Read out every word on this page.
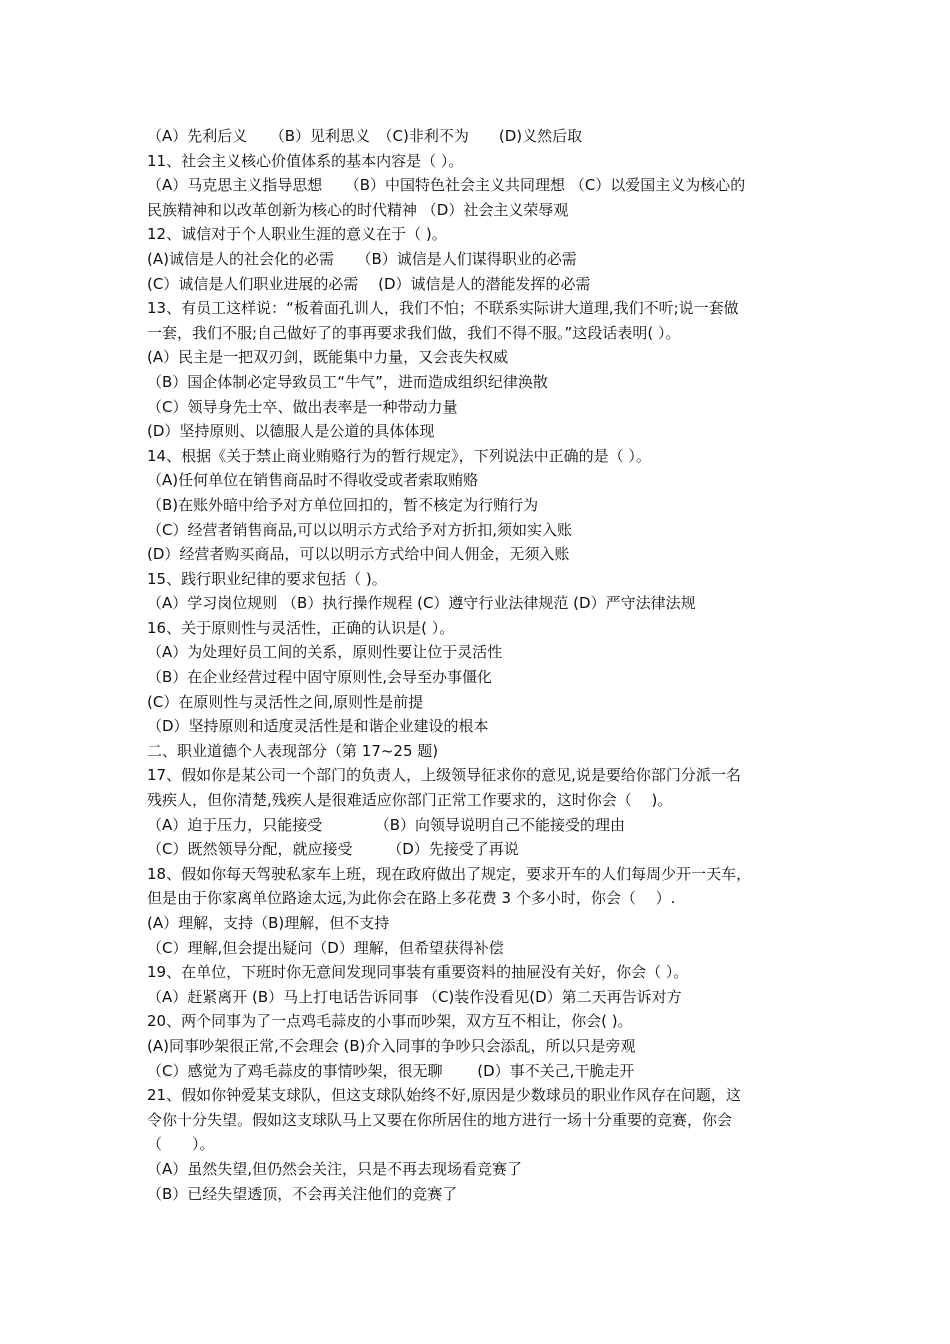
（A）先利后义　　（B）见利思义　（C)非利不为　　(D)义然后取
11、社会主义核心价值体系的基本内容是（ ）。
（A）马克思主义指导思想　　（B）中国特色社会主义共同理想 （C）以爱国主义为核心的
民族精神和以改革创新为核心的时代精神 （D）社会主义荣辱观
12、诚信对于个人职业生涯的意义在于（ )。
(A)诚信是人的社会化的必需　　（B）诚信是人们谋得职业的必需
(C）诚信是人们职业进展的必需　 (D）诚信是人的潜能发挥的必需
13、有员工这样说：“板着面孔训人，我们不怕；不联系实际讲大道理,我们不听;说一套做
一套，我们不服;自己做好了的事再要求我们做，我们不得不服。”这段话表明( ）。
(A）民主是一把双刃剑，既能集中力量，又会丧失权威
（B）国企体制必定导致员工“牛气”，进而造成组织纪律涣散
（C）领导身先士卒、做出表率是一种带动力量
(D）坚持原则、以德服人是公道的具体体现
14、根据《关于禁止商业贿赂行为的暂行规定》，下列说法中正确的是（ ）。
（A)任何单位在销售商品时不得收受或者索取贿赂
（B)在账外暗中给予对方单位回扣的，暂不核定为行贿行为
（C）经营者销售商品,可以以明示方式给予对方折扣,须如实入账
(D）经营者购买商品，可以以明示方式给中间人佣金，无须入账
15、践行职业纪律的要求包括（ )。
（A）学习岗位规则 （B）执行操作规程 (C）遵守行业法律规范 (D）严守法律法规
16、关于原则性与灵活性，正确的认识是( ）。
（A）为处理好员工间的关系，原则性要让位于灵活性
（B）在企业经营过程中固守原则性,会导至办事僵化
(C）在原则性与灵活性之间,原则性是前提
（D）坚持原则和适度灵活性是和谐企业建设的根本
二、职业道德个人表现部分（第 17~25 题)
17、假如你是某公司一个部门的负责人，上级领导征求你的意见,说是要给你部门分派一名
残疾人，但你清楚,残疾人是很难适应你部门正常工作要求的，这时你会（　 )。
（A）迫于压力，只能接受　　　　（B）向领导说明自己不能接受的理由
（C）既然领导分配，就应接受　　 （D）先接受了再说
18、假如你每天驾驶私家车上班，现在政府做出了规定，要求开车的人们每周少开一天车，
但是由于你家离单位路途太远,为此你会在路上多花费 3 个多小时，你会（　 ）.
(A）理解，支持（B)理解，但不支持
（C）理解,但会提出疑问（D）理解，但希望获得补偿
19、在单位，下班时你无意间发现同事装有重要资料的抽屉没有关好，你会（ ）。
（A）赶紧离开 (B）马上打电话告诉同事 （C)装作没看见(D）第二天再告诉对方
20、两个同事为了一点鸡毛蒜皮的小事而吵架，双方互不相让，你会( )。
(A)同事吵架很正常,不会理会 (B)介入同事的争吵只会添乱，所以只是旁观
（C）感觉为了鸡毛蒜皮的事情吵架，很无聊　　 (D）事不关己,干脆走开
21、假如你钟爱某支球队，但这支球队始终不好,原因是少数球员的职业作风存在问题，这
令你十分失望。假如这支球队马上又要在你所居住的地方进行一场十分重要的竞赛，你会
（　　）。
（A）虽然失望,但仍然会关注，只是不再去现场看竞赛了
（B）已经失望透顶，不会再关注他们的竞赛了
